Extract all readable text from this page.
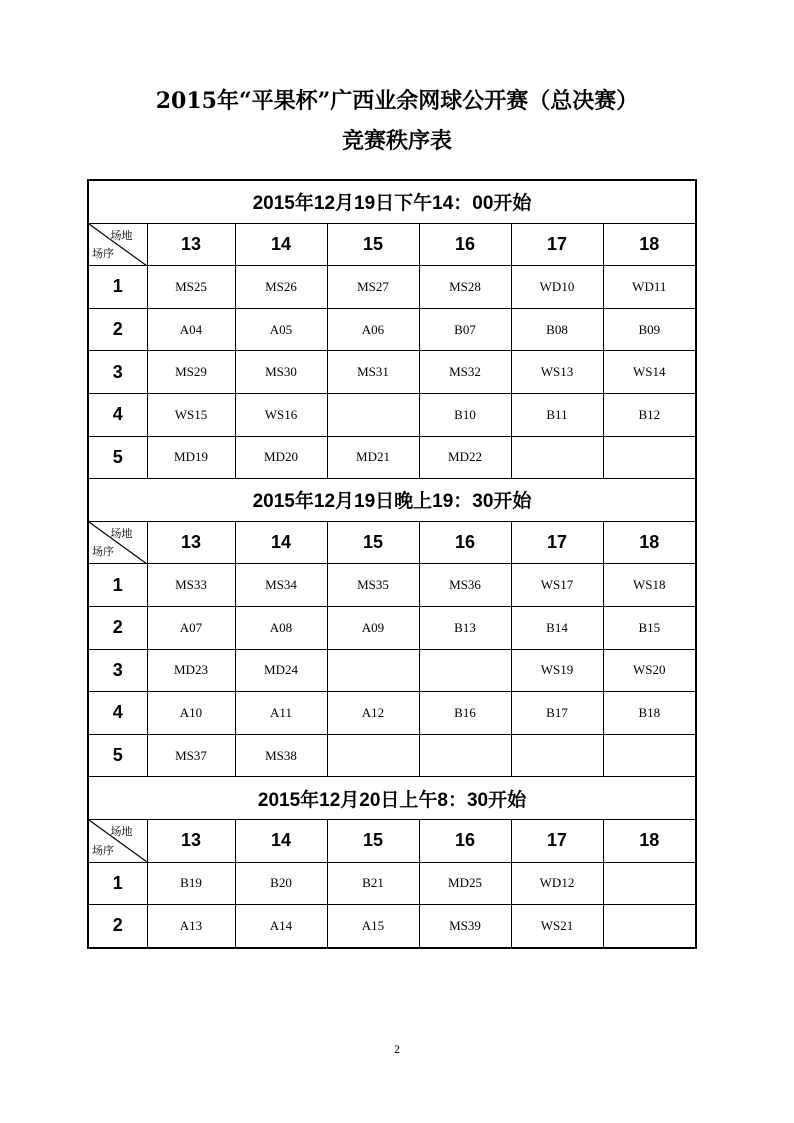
2015年“平果杯”广西业余网球公开赛（总决赛）
竞赛秩序表
2015年12月19日下午14：00开始						

场地
场序	13	14	15	16	17	18
1	MS25	MS26	MS27	MS28	WD10	WD11
2	A04	A05	A06	B07	B08	B09
3	MS29	MS30	MS31	MS32	WS13	WS14
4	WS15	WS16		B10	B11	B12
5	MD19	MD20	MD21	MD22		
2015年12月19日晚上19：30开始						

场地
场序	13	14	15	16	17	18
1	MS33	MS34	MS35	MS36	WS17	WS18
2	A07	A08	A09	B13	B14	B15
3	MD23	MD24			WS19	WS20
4	A10	A11	A12	B16	B17	B18
5	MS37	MS38				
2015年12月20日上午8：30开始						

场地
场序	13	14	15	16	17	18
1	B19	B20	B21	MD25	WD12	
2	A13	A14	A15	MS39	WS21	
2
